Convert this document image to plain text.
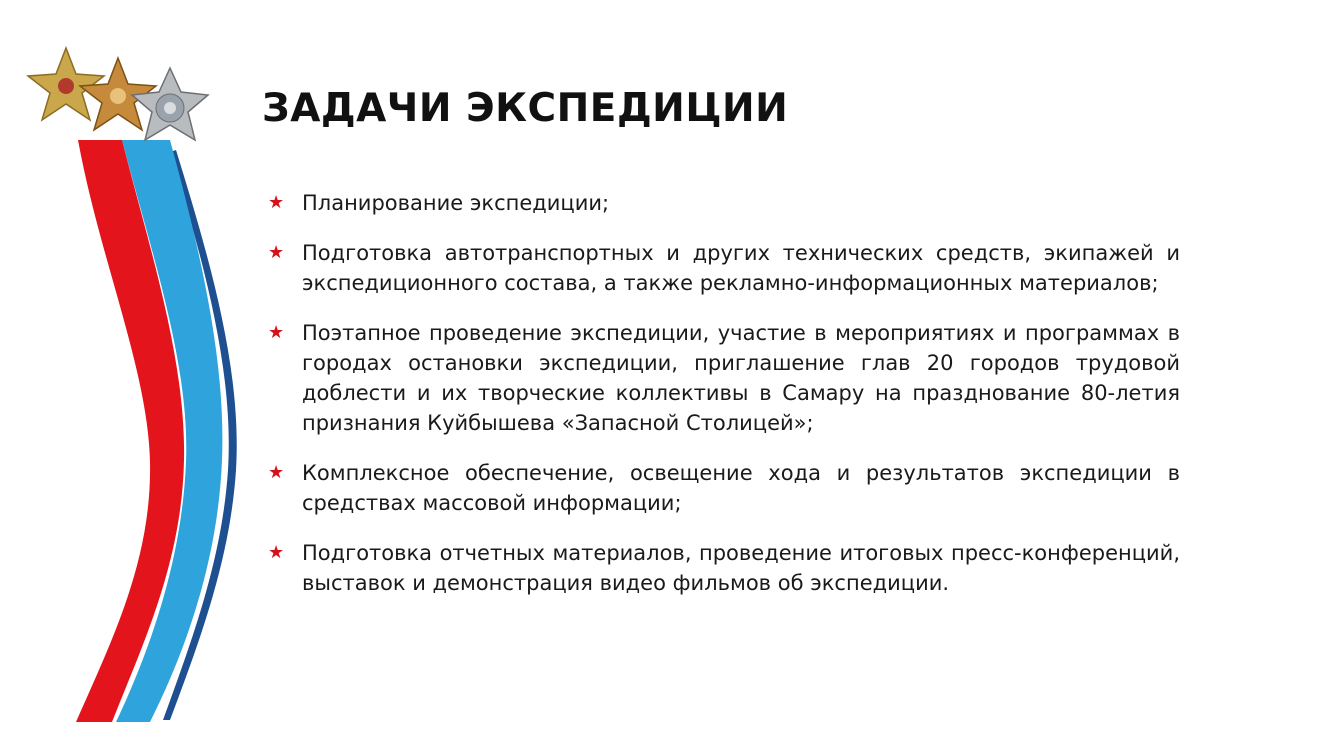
ЗАДАЧИ ЭКСПЕДИЦИИ
★ Планирование экспедиции;
★ Подготовка автотранспортных и других технических средств, экипажей и экспедиционного состава, а также рекламно-информационных материалов;
★ Поэтапное проведение экспедиции, участие в мероприятиях и программах в городах остановки экспедиции, приглашение глав 20 городов трудовой доблести и их творческие коллективы в Самару на празднование 80-летия признания Куйбышева «Запасной Столицей»;
★ Комплексное обеспечение, освещение хода и результатов экспедиции в средствах массовой информации;
★ Подготовка отчетных материалов, проведение итоговых пресс-конференций, выставок и демонстрация видео фильмов об экспедиции.
